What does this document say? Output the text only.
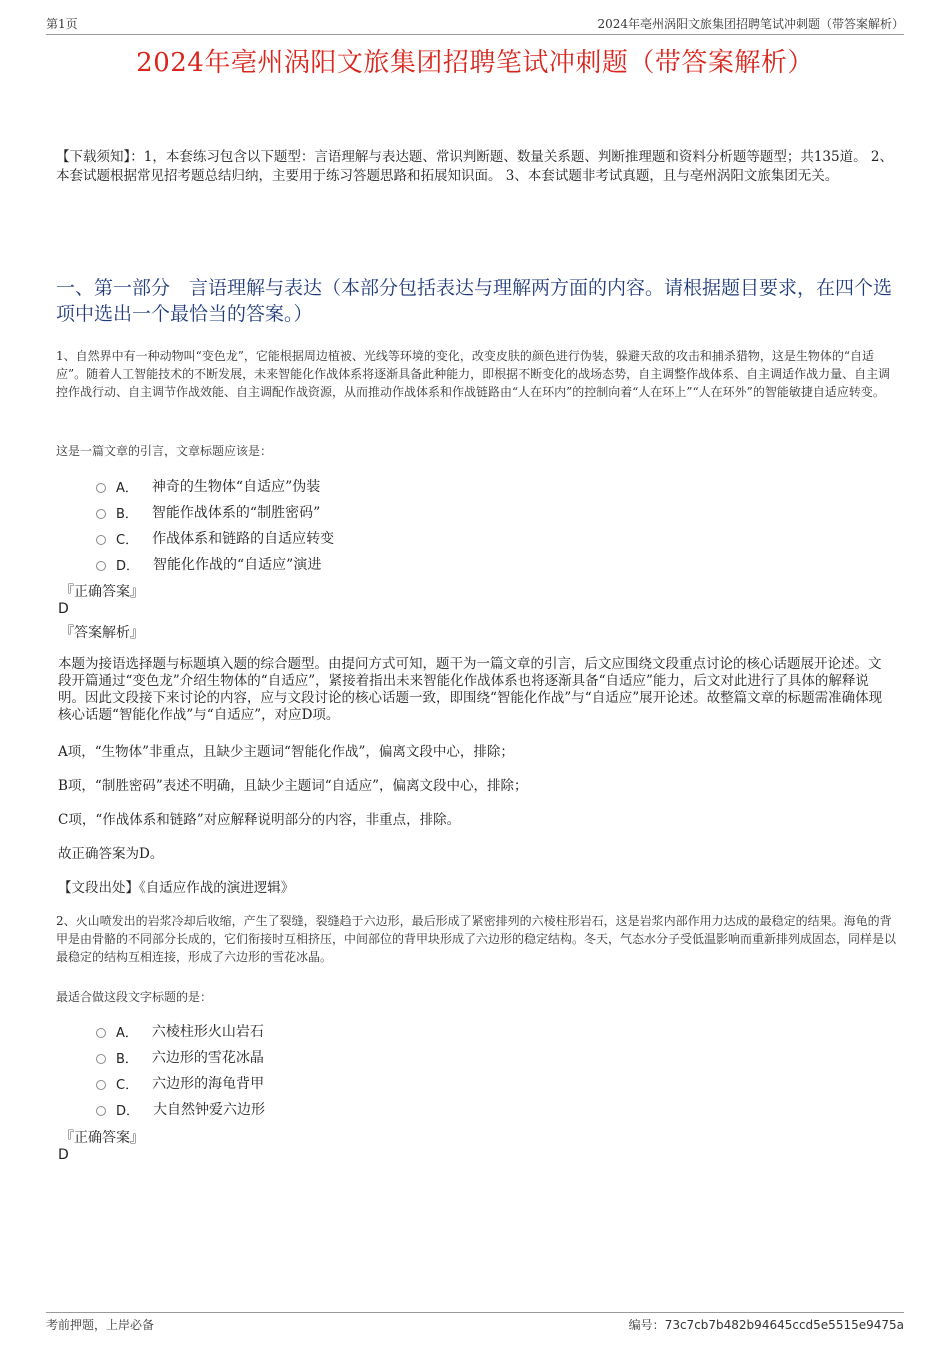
第1页	2024年亳州涡阳文旅集团招聘笔试冲刺题（带答案解析）
2024年亳州涡阳文旅集团招聘笔试冲刺题（带答案解析）
【下载须知】：1，本套练习包含以下题型：言语理解与表达题、常识判断题、数量关系题、判断推理题和资料分析题等题型；共135道。 2、本套试题根据常见招考题总结归纳，主要用于练习答题思路和拓展知识面。 3、本套试题非考试真题，且与亳州涡阳文旅集团无关。
一、第一部分　言语理解与表达（本部分包括表达与理解两方面的内容。请根据题目要求，在四个选项中选出一个最恰当的答案。）
1、自然界中有一种动物叫“变色龙”，它能根据周边植被、光线等环境的变化，改变皮肤的颜色进行伪装，躲避天敌的攻击和捕杀猎物，这是生物体的“自适应”。随着人工智能技术的不断发展，未来智能化作战体系将逐渐具备此种能力，即根据不断变化的战场态势，自主调整作战体系、自主调适作战力量、自主调控作战行动、自主调节作战效能、自主调配作战资源，从而推动作战体系和作战链路由“人在环内”的控制向着“人在环上”“人在环外”的智能敏捷自适应转变。
这是一篇文章的引言，文章标题应该是：
A． 神奇的生物体“自适应”伪装
B． 智能作战体系的“制胜密码”
C． 作战体系和链路的自适应转变
D． 智能化作战的“自适应”演进
『正确答案』
D
『答案解析』
本题为接语选择题与标题填入题的综合题型。由提问方式可知，题干为一篇文章的引言，后文应围绕文段重点讨论的核心话题展开论述。文段开篇通过“变色龙”介绍生物体的“自适应”，紧接着指出未来智能化作战体系也将逐渐具备“自适应”能力，后文对此进行了具体的解释说明。因此文段接下来讨论的内容，应与文段讨论的核心话题一致，即围绕“智能化作战”与“自适应”展开论述。故整篇文章的标题需准确体现核心话题“智能化作战”与“自适应”，对应D项。
A项，“生物体”非重点，且缺少主题词“智能化作战”，偏离文段中心，排除；
B项，“制胜密码”表述不明确，且缺少主题词“自适应”，偏离文段中心，排除；
C项，“作战体系和链路”对应解释说明部分的内容，非重点，排除。
故正确答案为D。
【文段出处】《自适应作战的演进逻辑》
2、火山喷发出的岩浆冷却后收缩，产生了裂缝，裂缝趋于六边形，最后形成了紧密排列的六棱柱形岩石，这是岩浆内部作用力达成的最稳定的结果。海龟的背甲是由骨骼的不同部分长成的，它们衔接时互相挤压，中间部位的背甲块形成了六边形的稳定结构。冬天，气态水分子受低温影响而重新排列成固态，同样是以最稳定的结构互相连接，形成了六边形的雪花冰晶。
最适合做这段文字标题的是：
A． 六棱柱形火山岩石
B． 六边形的雪花冰晶
C． 六边形的海龟背甲
D． 大自然钟爱六边形
『正确答案』
D
考前押题，上岸必备	编号：73c7cb7b482b94645ccd5e5515e9475a
